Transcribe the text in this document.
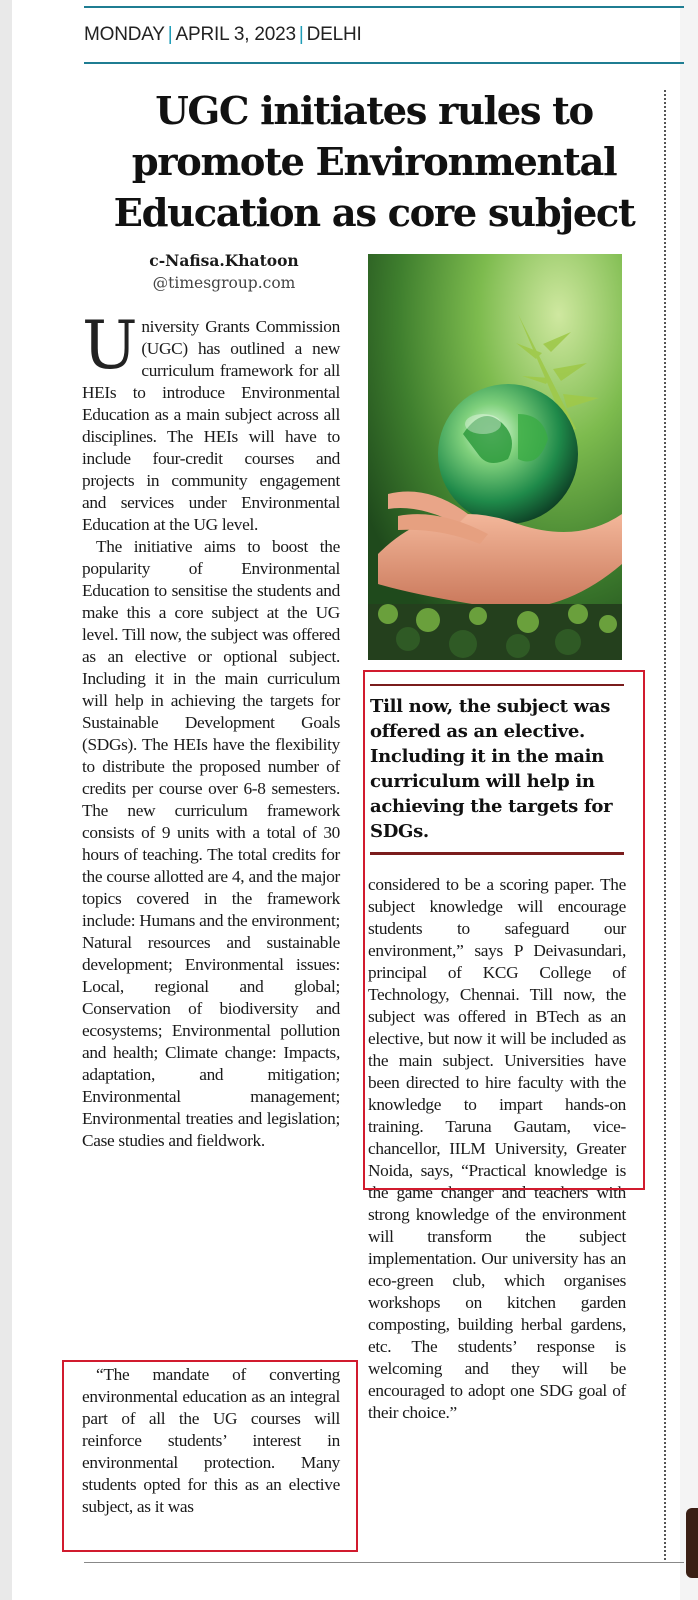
MONDAY | APRIL 3, 2023 | DELHI
UGC initiates rules to
promote Environmental
Education as core subject
c-Nafisa.Khatoon
@timesgroup.com

University Grants Commission (UGC) has outlined a new curriculum framework for all HEIs to introduce Environmental Education as a main subject across all disciplines. The HEIs will have to include four-credit courses and projects in community engagement and services under Environmental Education at the UG level.

The initiative aims to boost the popularity of Environmental Education to sensitise the students and make this a core subject at the UG level. Till now, the subject was offered as an elective or optional subject. Including it in the main curriculum will help in achieving the targets for Sustainable Development Goals (SDGs). The HEIs have the flexibility to distribute the proposed number of credits per course over 6-8 semesters. The new curriculum framework consists of 9 units with a total of 30 hours of teaching. The total credits for the course allotted are 4, and the major topics covered in the framework include: Humans and the environment; Natural resources and sustainable development; Environmental issues: Local, regional and global; Conservation of biodiversity and ecosystems; Environmental pollution and health; Climate change: Impacts, adaptation, and mitigation; Environmental management; Environmental treaties and legislation; Case studies and fieldwork.

“The mandate of converting environmental education as an integral part of all the UG courses will reinforce students’ interest in environmental protection. Many students opted for this as an elective subject, as it was

Till now, the subject was offered as an elective. Including it in the main curriculum will help in achieving the targets for SDGs.

considered to be a scoring paper. The subject knowledge will encourage students to safeguard our environment,” says P Deivasundari, principal of KCG College of Technology, Chennai. Till now, the subject was offered in BTech as an elective, but now it will be included as the main subject. Universities have been directed to hire faculty with the knowledge to impart hands-on training. Taruna Gautam, vice-chancellor, IILM University, Greater Noida, says, “Practical knowledge is the game changer and teachers with strong knowledge of the environment will transform the subject implementation. Our university has an eco-green club, which organises workshops on kitchen garden composting, building herbal gardens, etc. The students’ response is welcoming and they will be encouraged to adopt one SDG goal of their choice.”
